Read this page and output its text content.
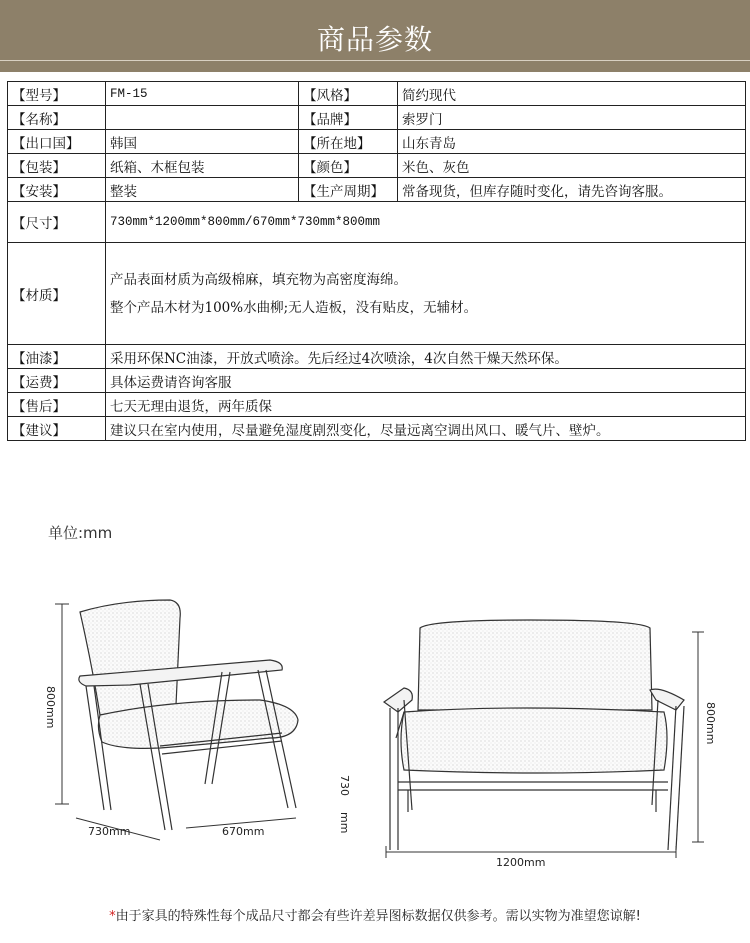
商品参数
【型号】	FM-15	【风格】	简约现代
【名称】		【品牌】	索罗门
【出口国】	韩国	【所在地】	山东青岛
【包装】	纸箱、木框包装	【颜色】	米色、灰色
【安装】	整装	【生产周期】	常备现货，但库存随时变化，请先咨询客服。
【尺寸】	730mm*1200mm*800mm/670mm*730mm*800mm		
【材质】	产品表面材质为高级棉麻，填充物为高密度海绵。

整个产品木材为100%水曲柳;无人造板，没有贴皮，无辅材。		

【油漆】	采用环保NC油漆，开放式喷涂。先后经过4次喷涂，4次自然干燥天然环保。		
【运费】	具体运费请咨询客服		
【售后】	七天无理由退货，两年质保		
【建议】	建议只在室内使用，尽量避免湿度剧烈变化，尽量远离空调出风口、暖气片、壁炉。		
单位:mm
800mm
730mm	670mm
730
mm
800mm
1200mm
*由于家具的特殊性每个成品尺寸都会有些许差异图标数据仅供参考。需以实物为准望您谅解!
